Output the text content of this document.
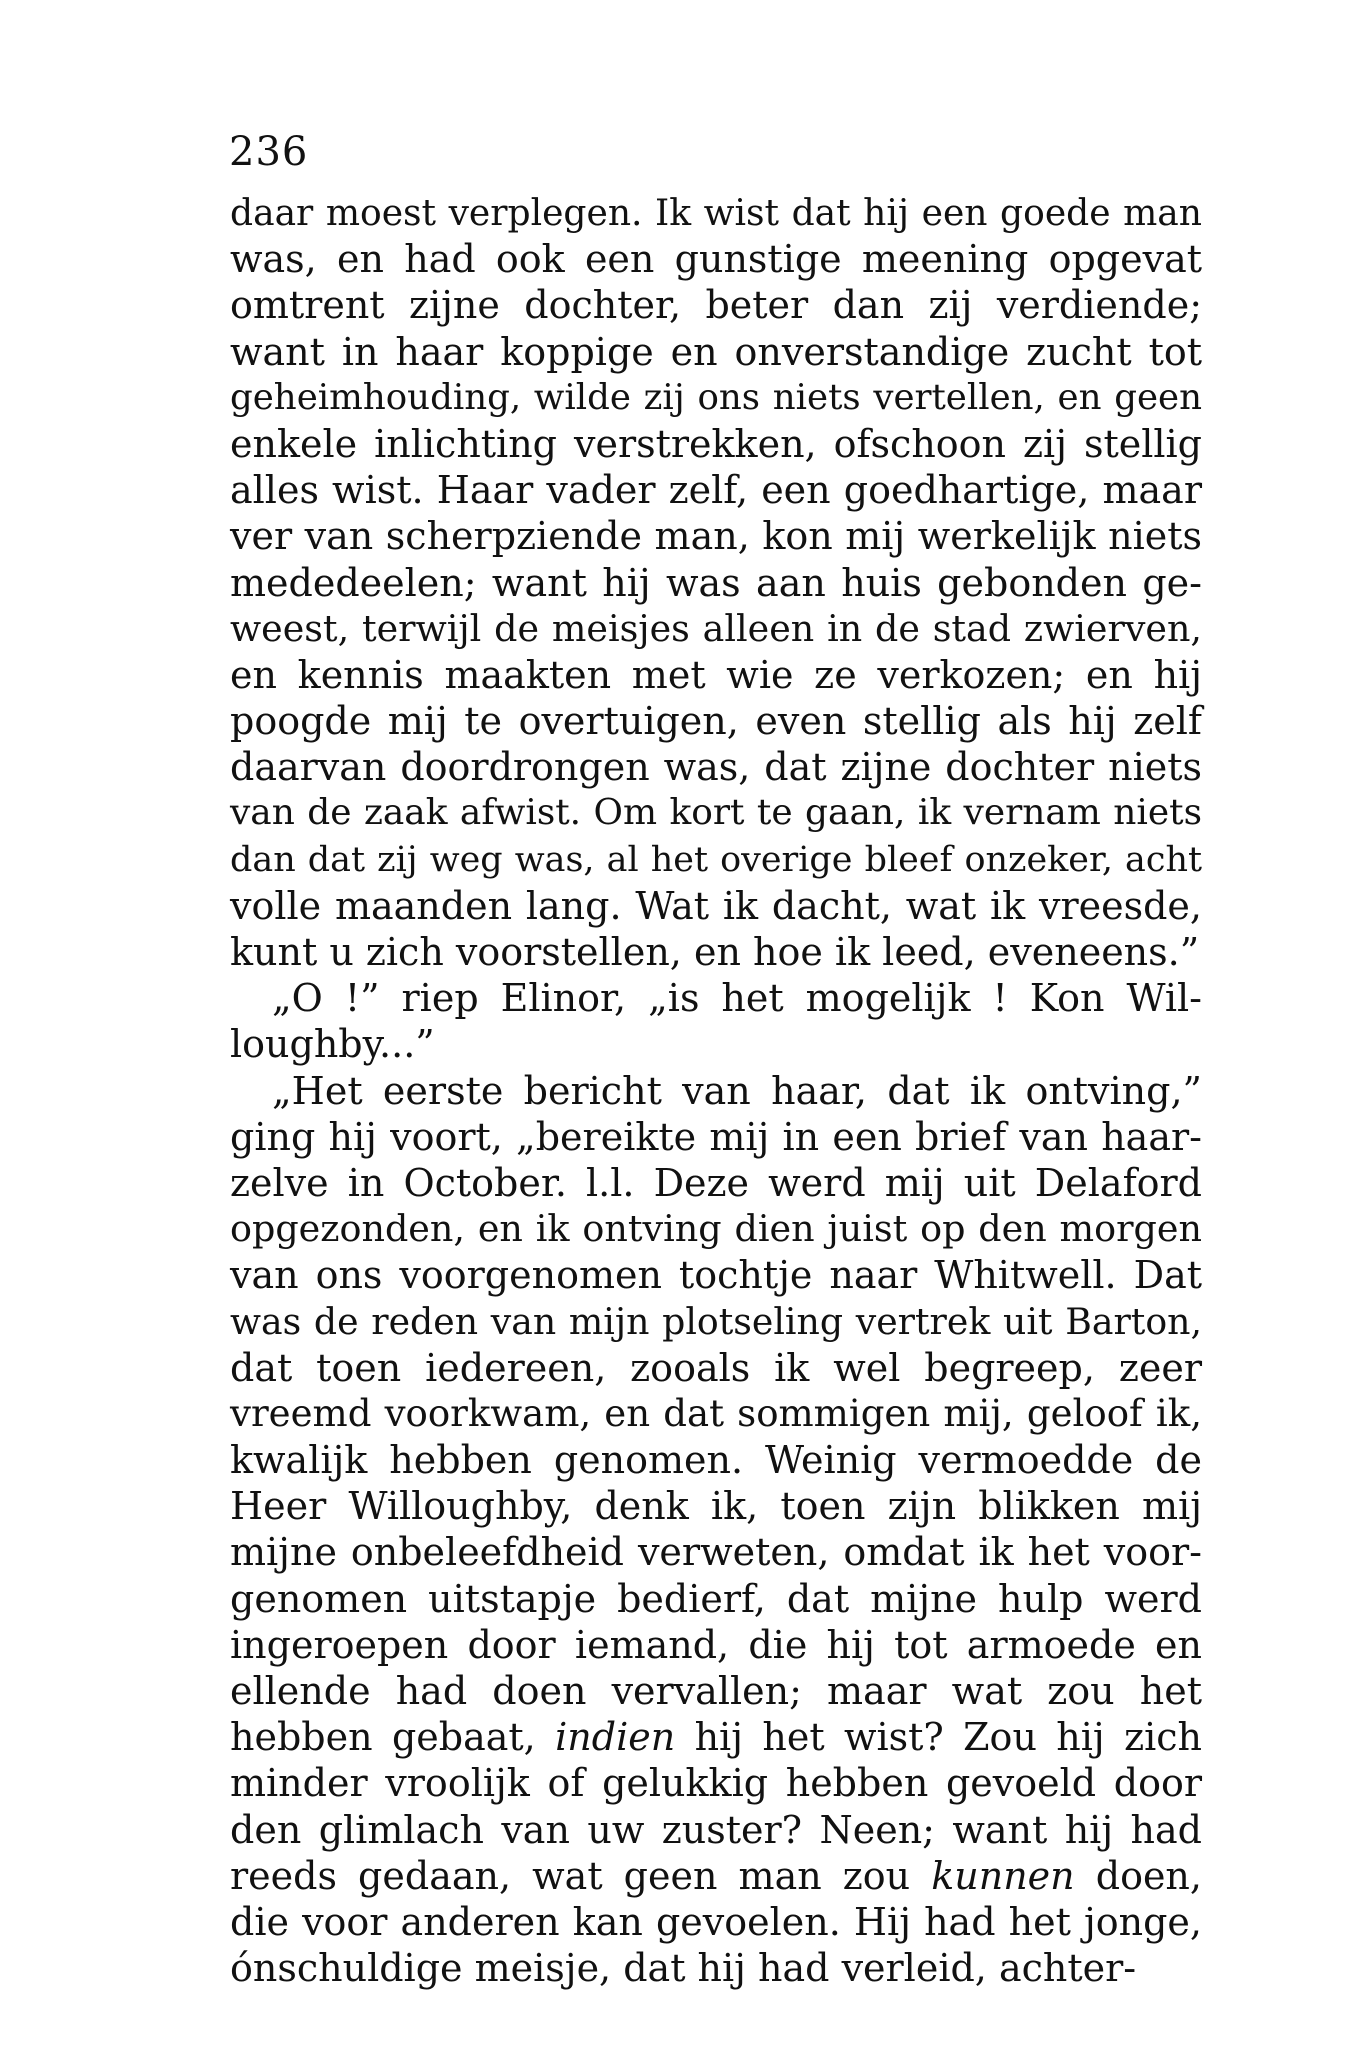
236
daar moest verplegen. Ik wist dat hij een goede man
was, en had ook een gunstige meening opgevat
omtrent zijne dochter, beter dan zij verdiende;
want in haar koppige en onverstandige zucht tot
geheimhouding, wilde zij ons niets vertellen, en geen
enkele inlichting verstrekken, ofschoon zij stellig
alles wist. Haar vader zelf, een goedhartige, maar
ver van scherpziende man, kon mij werkelijk niets
mededeelen; want hij was aan huis gebonden ge-
weest, terwijl de meisjes alleen in de stad zwierven,
en kennis maakten met wie ze verkozen; en hij
poogde mij te overtuigen, even stellig als hij zelf
daarvan doordrongen was, dat zijne dochter niets
van de zaak afwist. Om kort te gaan, ik vernam niets
dan dat zij weg was, al het overige bleef onzeker, acht
volle maanden lang. Wat ik dacht, wat ik vreesde,
kunt u zich voorstellen, en hoe ik leed, eveneens.”
„O !” riep Elinor, „is het mogelijk ! Kon Wil-
loughby...”
„Het eerste bericht van haar, dat ik ontving,”
ging hij voort, „bereikte mij in een brief van haar-
zelve in October. l.l. Deze werd mij uit Delaford
opgezonden, en ik ontving dien juist op den morgen
van ons voorgenomen tochtje naar Whitwell. Dat
was de reden van mijn plotseling vertrek uit Barton,
dat toen iedereen, zooals ik wel begreep, zeer
vreemd voorkwam, en dat sommigen mij, geloof ik,
kwalijk hebben genomen. Weinig vermoedde de
Heer Willoughby, denk ik, toen zijn blikken mij
mijne onbeleefdheid verweten, omdat ik het voor-
genomen uitstapje bedierf, dat mijne hulp werd
ingeroepen door iemand, die hij tot armoede en
ellende had doen vervallen; maar wat zou het
hebben gebaat, indien hij het wist? Zou hij zich
minder vroolijk of gelukkig hebben gevoeld door
den glimlach van uw zuster? Neen; want hij had
reeds gedaan, wat geen man zou kunnen doen,
die voor anderen kan gevoelen. Hij had het jonge,
ónschuldige meisje, dat hij had verleid, achter-
